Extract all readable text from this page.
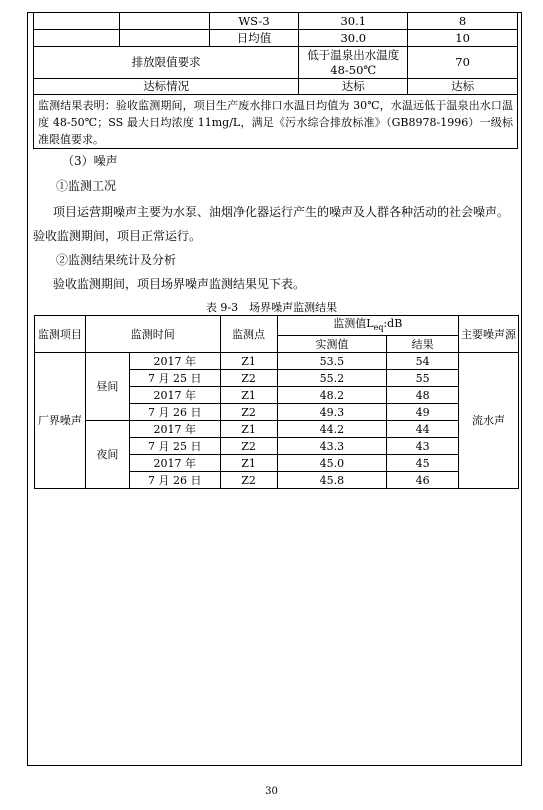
		WS-3	30.1	8
		日均值	30.0	10
排放限值要求			低于温泉出水温度48-50℃	70
达标情况			达标	达标
监测结果表明：验收监测期间，项目生产废水排口水温日均值为 30℃，水温远低于温泉出水口温度 48-50℃；SS 最大日均浓度 11mg/L，满足《污水综合排放标准》（GB8978-1996）一级标准限值要求。
（3）噪声
①监测工况
项目运营期噪声主要为水泵、油烟净化器运行产生的噪声及人群各种活动的社会噪声。验收监测期间，项目正常运行。
②监测结果统计及分析
验收监测期间，项目场界噪声监测结果见下表。
表 9-3　场界噪声监测结果
监测项目	监测时间		监测点	监测值$L_{eq}:dB$		主要噪声源
				实测值	结果	
厂界噪声	昼间	2017 年	Z1	53.5	54	流水声
		7 月 25 日	Z2	55.2	55	
		2017 年	Z1	48.2	48	
		7 月 26 日	Z2	49.3	49	
	夜间	2017 年	Z1	44.2	44	
		7 月 25 日	Z2	43.3	43	
		2017 年	Z1	45.0	45	
		7 月 26 日	Z2	45.8	46	
30
